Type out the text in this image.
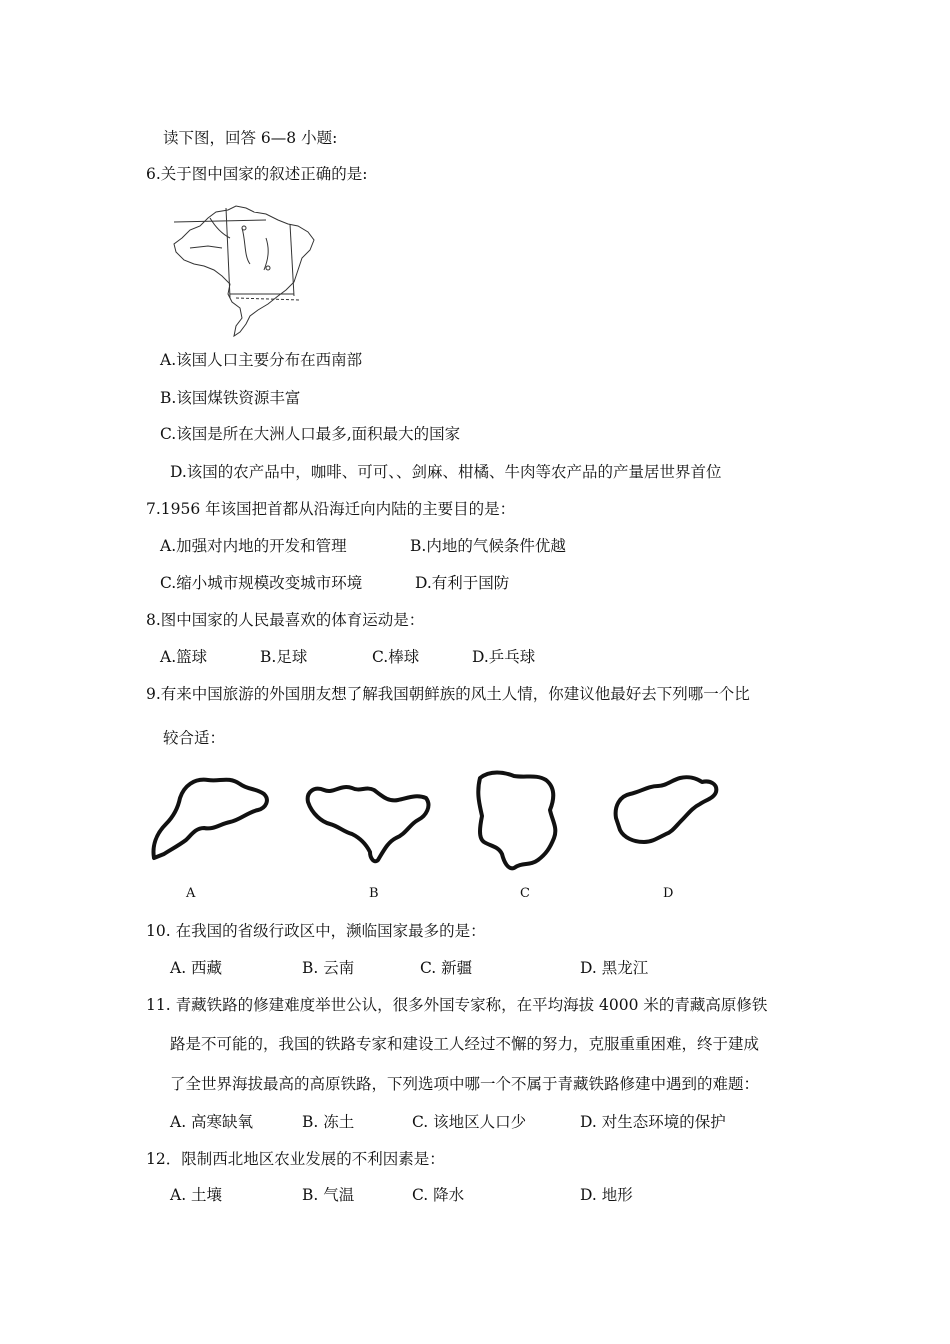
读下图，回答 6—8 小题:
6.关于图中国家的叙述正确的是:
A.该国人口主要分布在西南部
B.该国煤铁资源丰富
C.该国是所在大洲人口最多,面积最大的国家
D.该国的农产品中，咖啡、可可、、剑麻、柑橘、牛肉等农产品的产量居世界首位
7.1956 年该国把首都从沿海迁向内陆的主要目的是：
A.加强对内地的开发和管理	B.内地的气候条件优越
C.缩小城市规模改变城市环境	D.有利于国防
8.图中国家的人民最喜欢的体育运动是：
A.篮球	B.足球	C.棒球	D.乒乓球
9.有来中国旅游的外国朋友想了解我国朝鲜族的风土人情，你建议他最好去下列哪一个比
较合适：
A	B	C	D
10. 在我国的省级行政区中，濒临国家最多的是：
A. 西藏	B. 云南	C. 新疆	D. 黑龙江
11. 青藏铁路的修建难度举世公认，很多外国专家称，在平均海拔 4000 米的青藏高原修铁
路是不可能的，我国的铁路专家和建设工人经过不懈的努力，克服重重困难，终于建成
了全世界海拔最高的高原铁路，下列选项中哪一个不属于青藏铁路修建中遇到的难题：
A. 高寒缺氧	B. 冻土	C. 该地区人口少	D. 对生态环境的保护
12．限制西北地区农业发展的不利因素是：
A. 土壤	B. 气温	C. 降水	D. 地形
